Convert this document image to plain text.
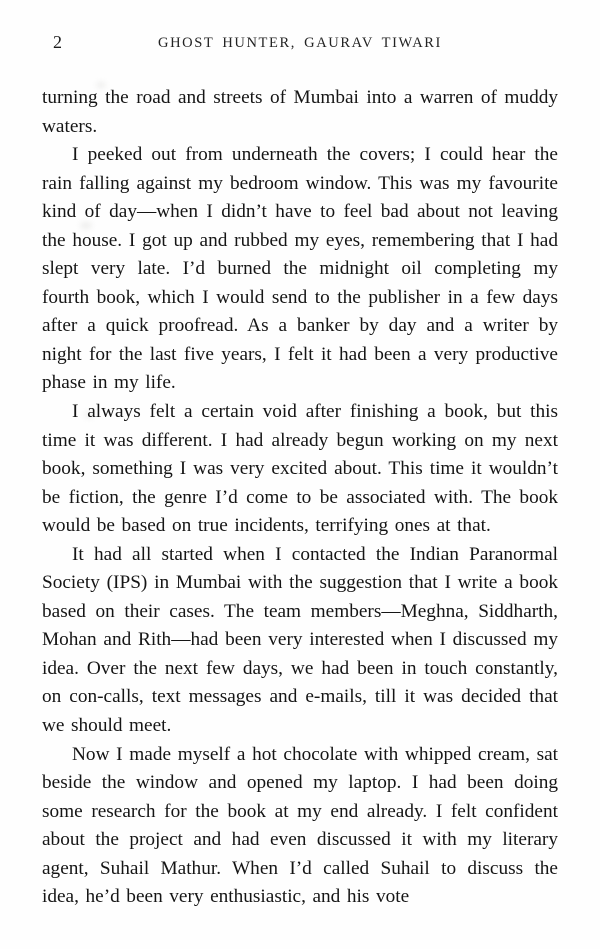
2	GHOST HUNTER, GAURAV TIWARI

turning the road and streets of Mumbai into a warren of muddy waters.

I peeked out from underneath the covers; I could hear the rain falling against my bedroom window. This was my favourite kind of day—when I didn’t have to feel bad about not leaving the house. I got up and rubbed my eyes, remembering that I had slept very late. I’d burned the midnight oil completing my fourth book, which I would send to the publisher in a few days after a quick proofread. As a banker by day and a writer by night for the last five years, I felt it had been a very productive phase in my life.

I always felt a certain void after finishing a book, but this time it was different. I had already begun working on my next book, something I was very excited about. This time it wouldn’t be fiction, the genre I’d come to be associated with. The book would be based on true incidents, terrifying ones at that.

It had all started when I contacted the Indian Paranormal Society (IPS) in Mumbai with the suggestion that I write a book based on their cases. The team members—Meghna, Siddharth, Mohan and Rith—had been very interested when I discussed my idea. Over the next few days, we had been in touch constantly, on con-calls, text messages and e-mails, till it was decided that we should meet.

Now I made myself a hot chocolate with whipped cream, sat beside the window and opened my laptop. I had been doing some research for the book at my end already. I felt confident about the project and had even discussed it with my literary agent, Suhail Mathur. When I’d called Suhail to discuss the idea, he’d been very enthusiastic, and his vote
